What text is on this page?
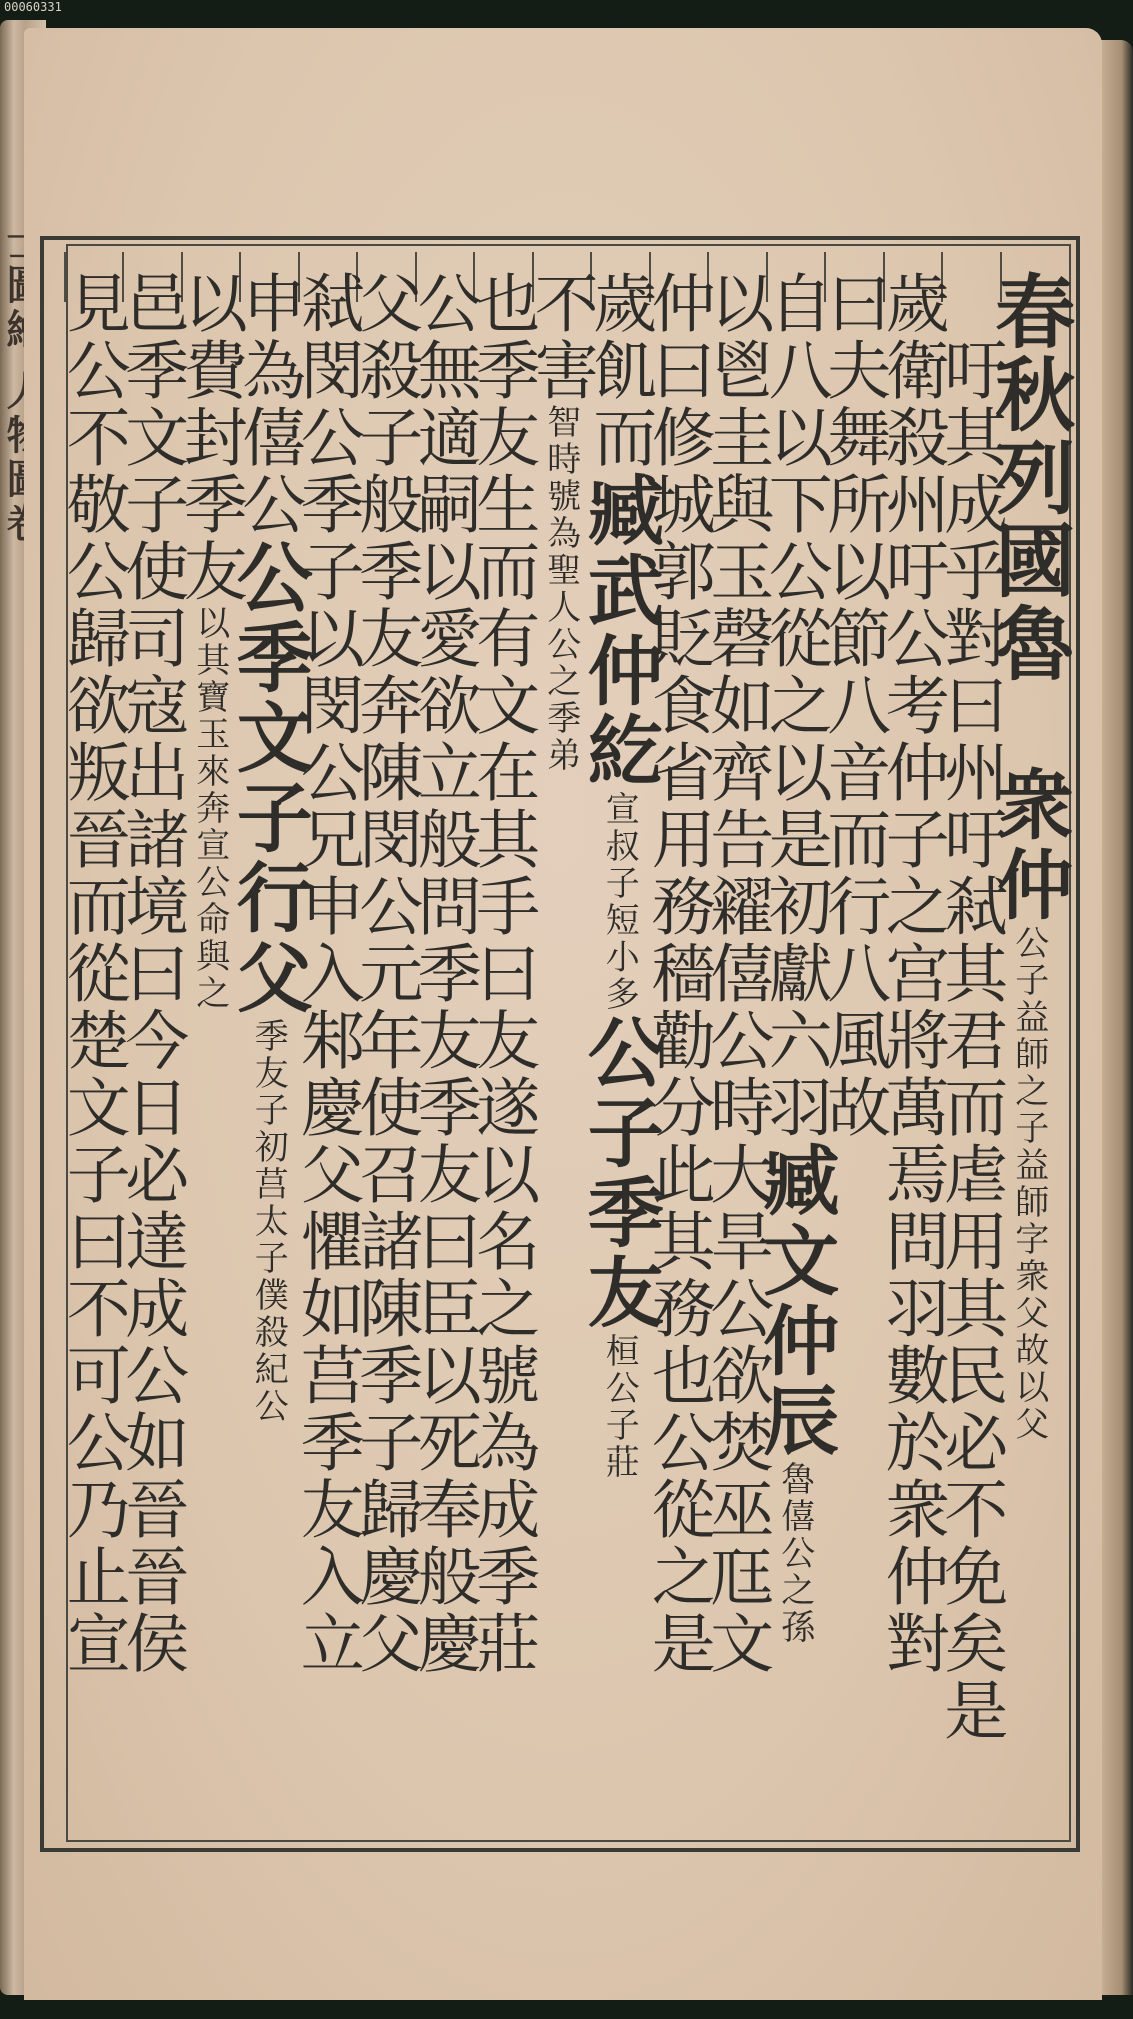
00060331
春秋列國魯　衆仲公子益師之子益師字衆父故以父
　吁其成乎對曰州吁弒其君而虐用其民必不免矣是
歲衛殺州吁公考仲子之宫將萬焉問羽數於衆仲對
曰夫舞所以節八音而行八風故
自八以下公從之以是初獻六羽臧文仲辰魯僖公之孫
以鬯圭與玉磬如齊告糴僖公時大旱公欲焚巫尫文
仲曰修城郭貶食省用務穡勸分此其務也公從之是
歲飢而臧武仲紇宣叔子短小多公子季友桓公子莊
不害智時號為聖人公之季弟
也季友生而有文在其手曰友遂以名之號為成季莊
公無適嗣以愛欲立般問季友季友曰臣以死奉般慶
父殺子般季友奔陳閔公元年使召諸陳季子歸慶父
弒閔公季子以閔公兄申入邾慶父懼如莒季友入立
申為僖公公季文子行父季友子初莒太子僕殺紀公
以費封季友以其寶玉來奔宣公命與之
邑季文子使司寇出諸境曰今日必達成公如晉晉侯
見公不敬公歸欲叛晉而從楚文子曰不可公乃止宣
